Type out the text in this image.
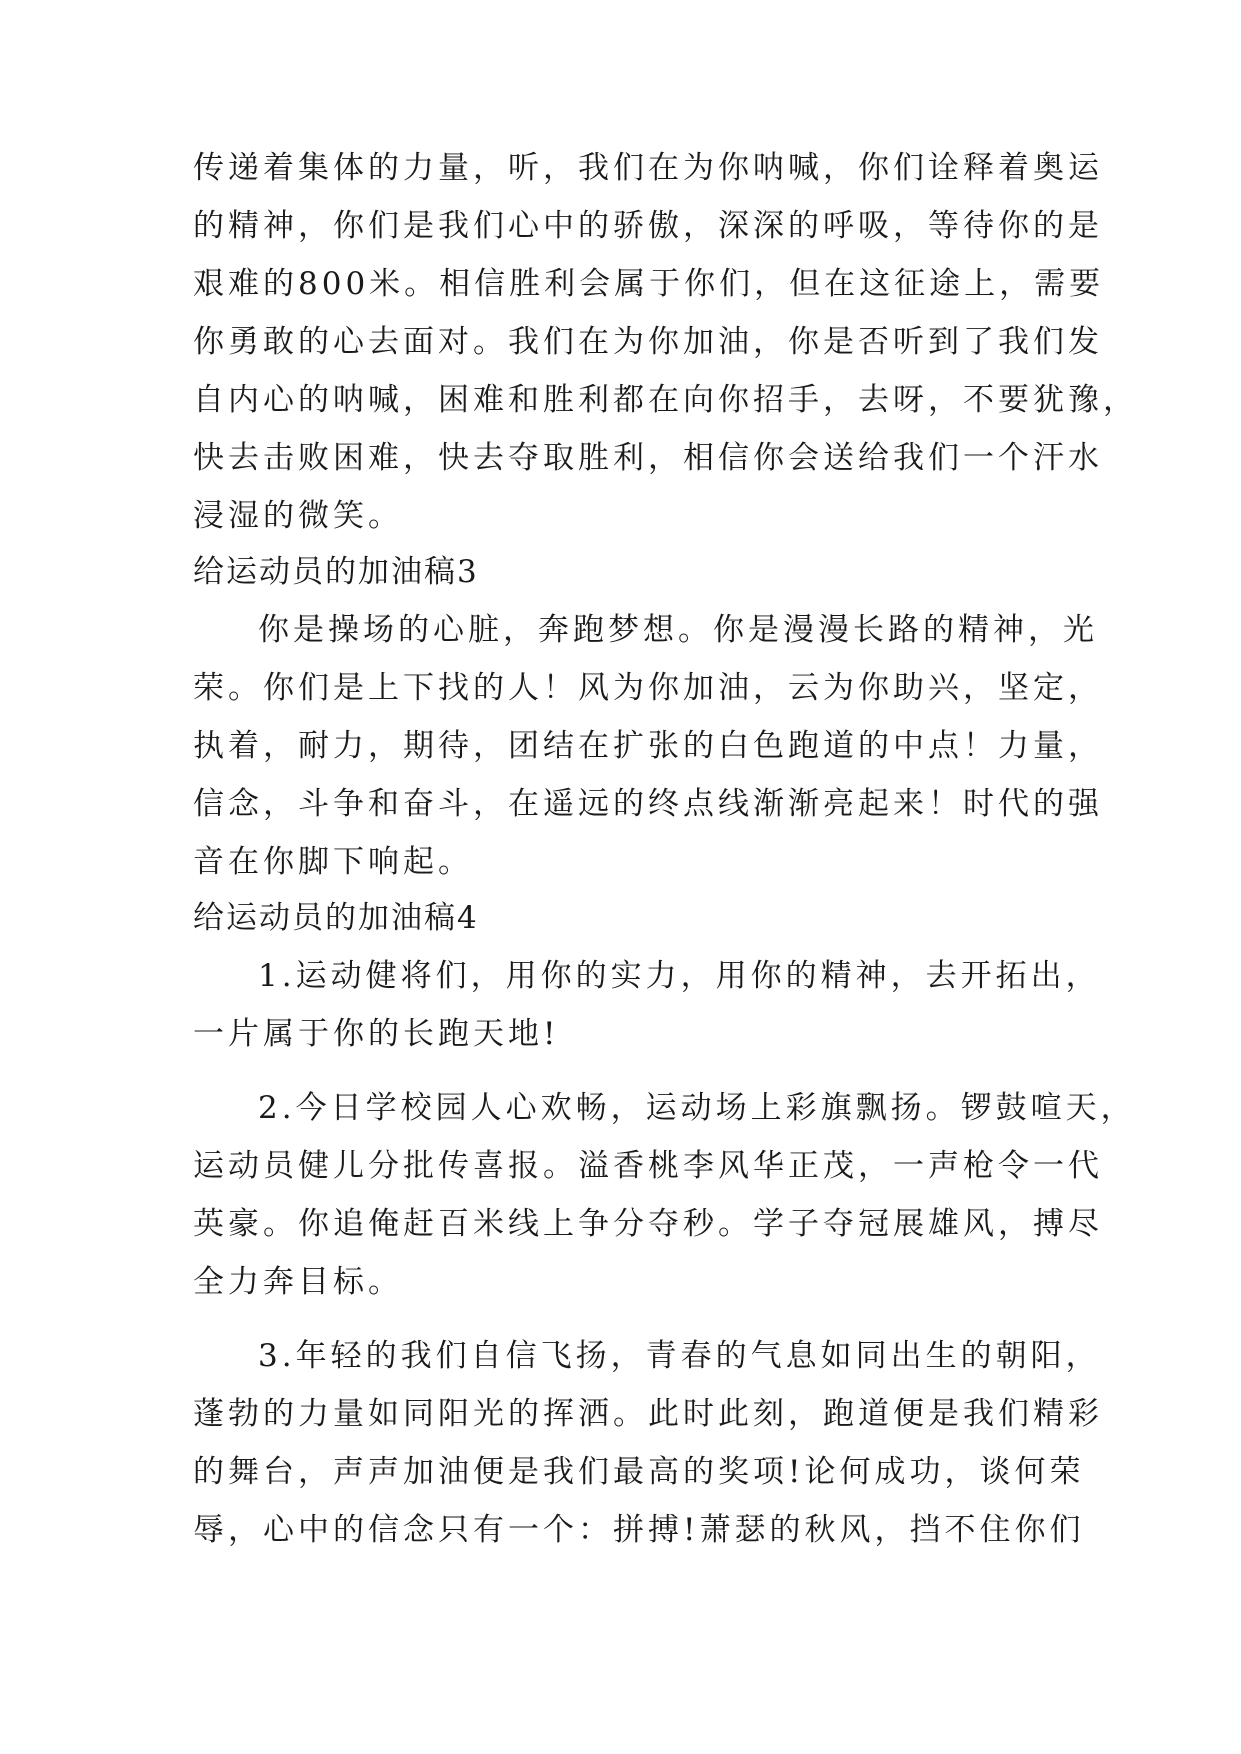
传递着集体的力量，听，我们在为你呐喊，你们诠释着奥运
的精神，你们是我们心中的骄傲，深深的呼吸，等待你的是
艰难的800米。相信胜利会属于你们，但在这征途上，需要
你勇敢的心去面对。我们在为你加油，你是否听到了我们发
自内心的呐喊，困难和胜利都在向你招手，去呀，不要犹豫，
快去击败困难，快去夺取胜利，相信你会送给我们一个汗水
浸湿的微笑。
给运动员的加油稿3
你是操场的心脏，奔跑梦想。你是漫漫长路的精神，光
荣。你们是上下找的人！风为你加油，云为你助兴，坚定，
执着，耐力，期待，团结在扩张的白色跑道的中点！力量，
信念，斗争和奋斗，在遥远的终点线渐渐亮起来！时代的强
音在你脚下响起。
给运动员的加油稿4
1.运动健将们，用你的实力，用你的精神，去开拓出，
一片属于你的长跑天地!
2.今日学校园人心欢畅，运动场上彩旗飘扬。锣鼓喧天，
运动员健儿分批传喜报。溢香桃李风华正茂，一声枪令一代
英豪。你追俺赶百米线上争分夺秒。学子夺冠展雄风，搏尽
全力奔目标。
3.年轻的我们自信飞扬，青春的气息如同出生的朝阳，
蓬勃的力量如同阳光的挥洒。此时此刻，跑道便是我们精彩
的舞台，声声加油便是我们最高的奖项!论何成功，谈何荣
辱，心中的信念只有一个：拼搏!萧瑟的秋风，挡不住你们
